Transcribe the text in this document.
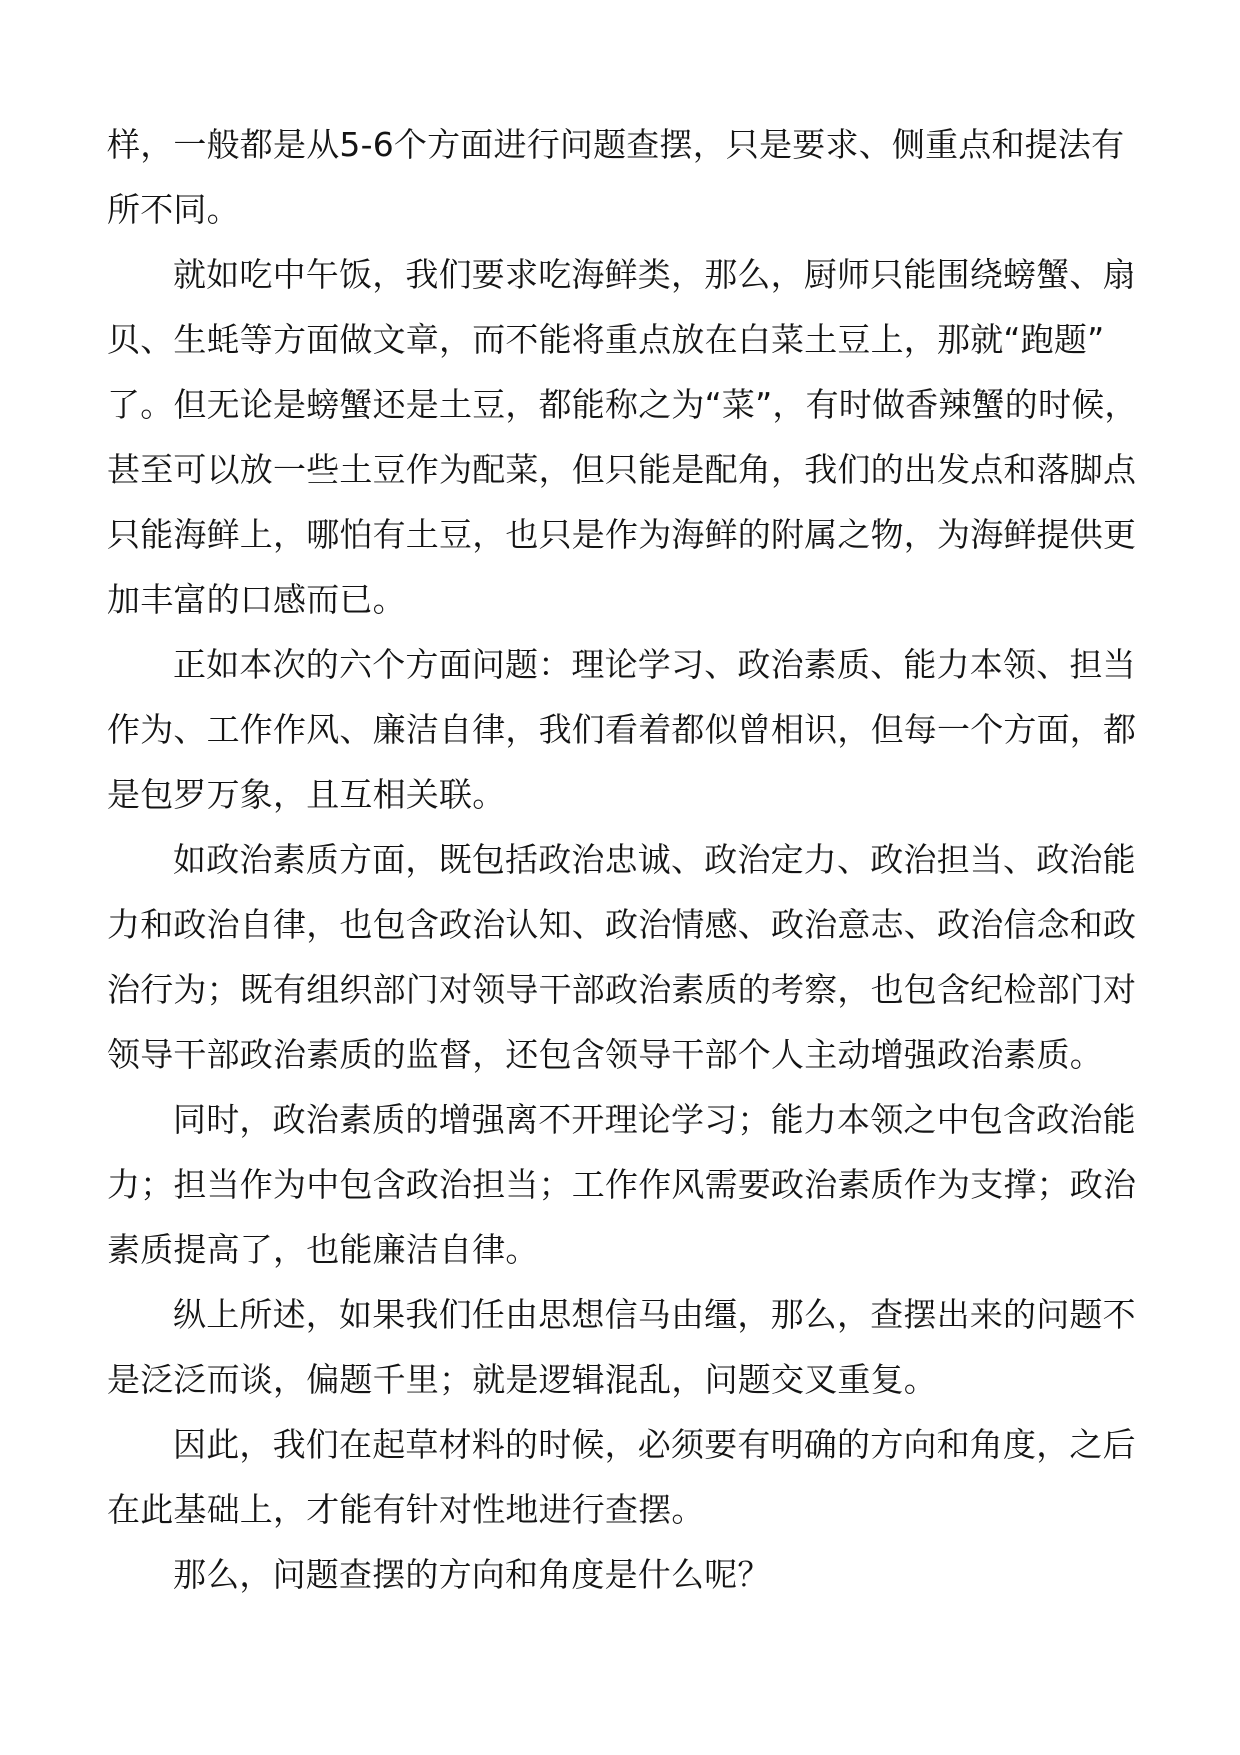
样，一般都是从5-6个方面进行问题查摆，只是要求、侧重点和提法有
所不同。
就如吃中午饭，我们要求吃海鲜类，那么，厨师只能围绕螃蟹、扇
贝、生蚝等方面做文章，而不能将重点放在白菜土豆上，那就“跑题”
了。但无论是螃蟹还是土豆，都能称之为“菜”，有时做香辣蟹的时候，
甚至可以放一些土豆作为配菜，但只能是配角，我们的出发点和落脚点
只能海鲜上，哪怕有土豆，也只是作为海鲜的附属之物，为海鲜提供更
加丰富的口感而已。
正如本次的六个方面问题：理论学习、政治素质、能力本领、担当
作为、工作作风、廉洁自律，我们看着都似曾相识，但每一个方面，都
是包罗万象，且互相关联。
如政治素质方面，既包括政治忠诚、政治定力、政治担当、政治能
力和政治自律，也包含政治认知、政治情感、政治意志、政治信念和政
治行为；既有组织部门对领导干部政治素质的考察，也包含纪检部门对
领导干部政治素质的监督，还包含领导干部个人主动增强政治素质。
同时，政治素质的增强离不开理论学习；能力本领之中包含政治能
力；担当作为中包含政治担当；工作作风需要政治素质作为支撑；政治
素质提高了，也能廉洁自律。
纵上所述，如果我们任由思想信马由缰，那么，查摆出来的问题不
是泛泛而谈，偏题千里；就是逻辑混乱，问题交叉重复。
因此，我们在起草材料的时候，必须要有明确的方向和角度，之后
在此基础上，才能有针对性地进行查摆。
那么，问题查摆的方向和角度是什么呢？
